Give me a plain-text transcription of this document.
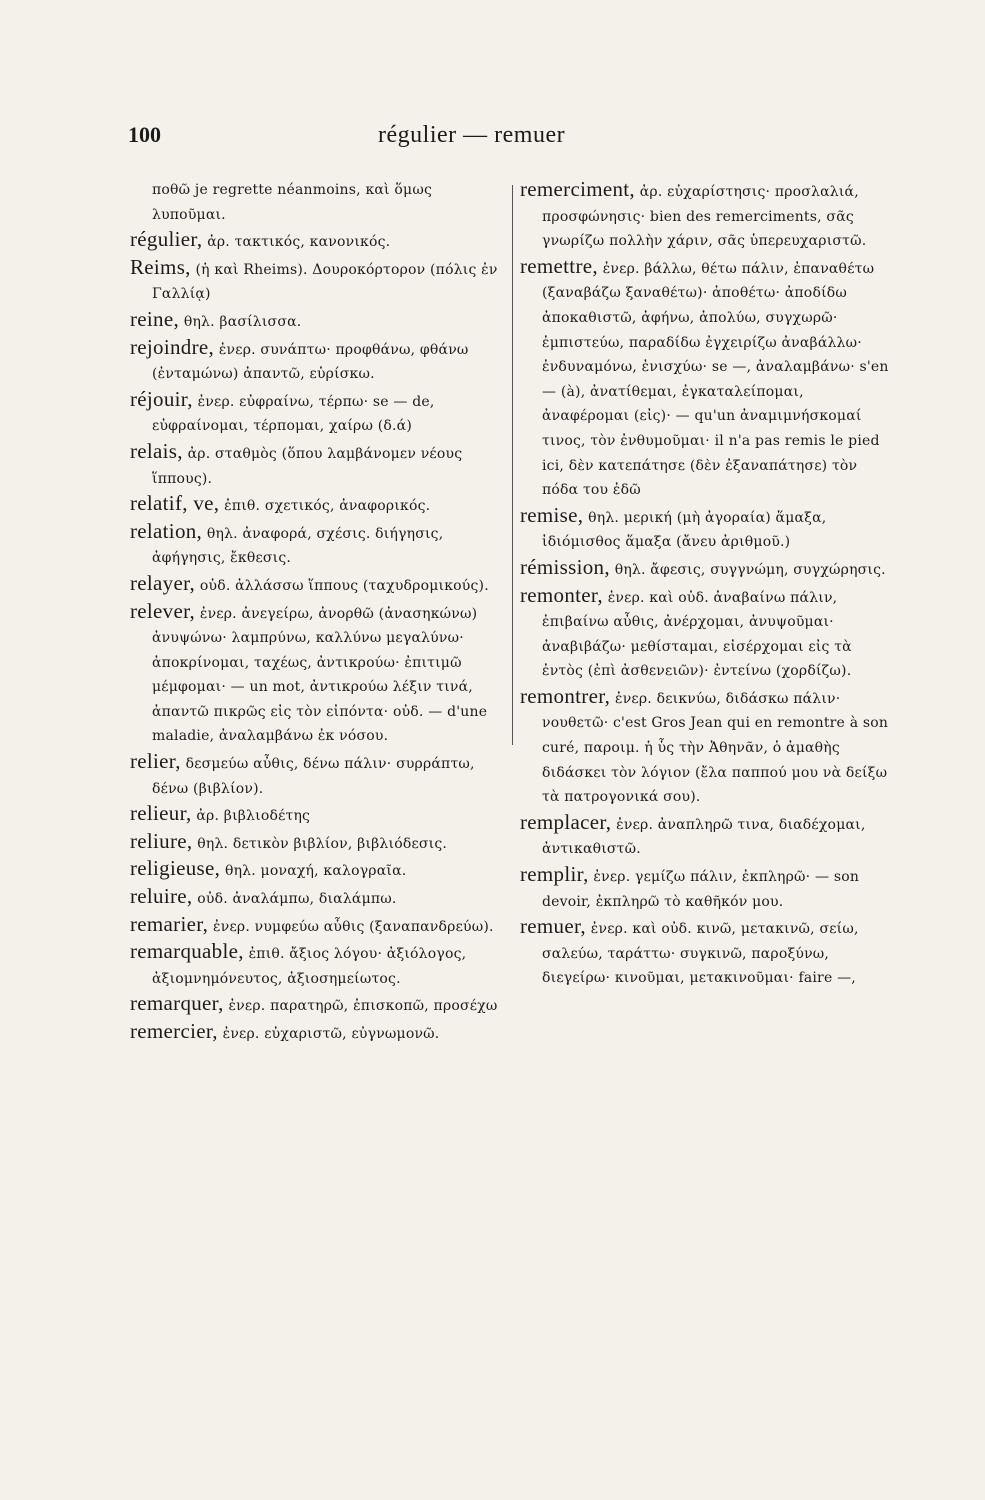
100	régulier — remuer

ποθῶ je regrette néanmoins, καὶ ὅμως λυποῦμαι.

régulier, ἀρ. τακτικός, κανονικός.

Reims, (ἡ καὶ Rheims). Δουροκόρτορον (πόλις ἐν Γαλλίᾳ)

reine, θηλ. βασίλισσα.

rejoindre, ἐνερ. συνάπτω· προφθάνω, φθάνω (ἐνταμώνω) ἀπαντῶ, εὑρίσκω.

réjouir, ἐνερ. εὐφραίνω, τέρπω· se — de, εὐφραίνομαι, τέρπομαι, χαίρω (δ.ά)

relais, ἀρ. σταθμὸς (ὅπου λαμβάνομεν νέους ἵππους).

relatif, ve, ἐπιθ. σχετικός, ἀναφορικός.

relation, θηλ. ἀναφορά, σχέσις. διήγησις, ἀφήγησις, ἔκθεσις.

relayer, οὐδ. ἀλλάσσω ἵππους (ταχυδρομικούς).

relever, ἐνερ. ἀνεγείρω, ἀνορθῶ (ἀνασηκώνω) ἀνυψώνω· λαμπρύνω, καλλύνω μεγαλύνω· ἀποκρίνομαι, ταχέως, ἀντικρούω· ἐπιτιμῶ μέμφομαι· — un mot, ἀντικρούω λέξιν τινά, ἀπαντῶ πικρῶς εἰς τὸν εἰπόντα· οὐδ. — d'une maladie, ἀναλαμβάνω ἐκ νόσου.

relier, δεσμεύω αὖθις, δένω πάλιν· συρράπτω, δένω (βιβλίον).

relieur, ἀρ. βιβλιοδέτης

reliure, θηλ. δετικὸν βιβλίον, βιβλιόδεσις.

religieuse, θηλ. μοναχή, καλογραῖα.

reluire, οὐδ. ἀναλάμπω, διαλάμπω.

remarier, ἐνερ. νυμφεύω αὖθις (ξαναπανδρεύω).

remarquable, ἐπιθ. ἄξιος λόγου· ἀξιόλογος, ἀξιομνημόνευτος, ἀξιοσημείωτος.

remarquer, ἐνερ. παρατηρῶ, ἐπισκοπῶ, προσέχω

remercier, ἐνερ. εὐχαριστῶ, εὐγνωμονῶ.

remerciment, ἀρ. εὐχαρίστησις· προσλαλιά, προσφώνησις· bien des remerciments, σᾶς γνωρίζω πολλὴν χάριν, σᾶς ὑπερευχαριστῶ.

remettre, ἐνερ. βάλλω, θέτω πάλιν, ἐπαναθέτω (ξαναβάζω ξαναθέτω)· ἀποθέτω· ἀποδίδω ἀποκαθιστῶ, ἀφήνω, ἀπολύω, συγχωρῶ· ἐμπιστεύω, παραδίδω ἐγχειρίζω ἀναβάλλω· ἐνδυναμόνω, ἐνισχύω· se —, ἀναλαμβάνω· s'en — (à), ἀνατίθεμαι, ἐγκαταλείπομαι, ἀναφέρομαι (εἰς)· — qu'un ἀναμιμνήσκομαί τινος, τὸν ἐνθυμοῦμαι· il n'a pas remis le pied ici, δὲν κατεπάτησε (δὲν ἐξαναπάτησε) τὸν πόδα του ἐδῶ

remise, θηλ. μερική (μὴ ἀγοραία) ἅμαξα, ἰδιόμισθος ἅμαξα (ἄνευ ἀριθμοῦ.)

rémission, θηλ. ἄφεσις, συγγνώμη, συγχώρησις.

remonter, ἐνερ. καὶ οὐδ. ἀναβαίνω πάλιν, ἐπιβαίνω αὖθις, ἀνέρχομαι, ἀνυψοῦμαι· ἀναβιβάζω· μεθίσταμαι, εἰσέρχομαι εἰς τὰ ἐντὸς (ἐπὶ ἀσθενειῶν)· ἐντείνω (χορδίζω).

remontrer, ἐνερ. δεικνύω, διδάσκω πάλιν· νουθετῶ· c'est Gros Jean qui en remontre à son curé, παροιμ. ἡ ὗς τὴν Ἀθηνᾶν, ὁ ἀμαθὴς διδάσκει τὸν λόγιον (ἔλα παππού μου νὰ δείξω τὰ πατρογονικά σου).

remplacer, ἐνερ. ἀναπληρῶ τινα, διαδέχομαι, ἀντικαθιστῶ.

remplir, ἐνερ. γεμίζω πάλιν, ἐκπληρῶ· — son devoir, ἐκπληρῶ τὸ καθῆκόν μου.

remuer, ἐνερ. καὶ οὐδ. κινῶ, μετακινῶ, σείω, σαλεύω, ταράττω· συγκινῶ, παροξύνω, διεγείρω· κινοῦμαι, μετακινοῦμαι· faire —,
